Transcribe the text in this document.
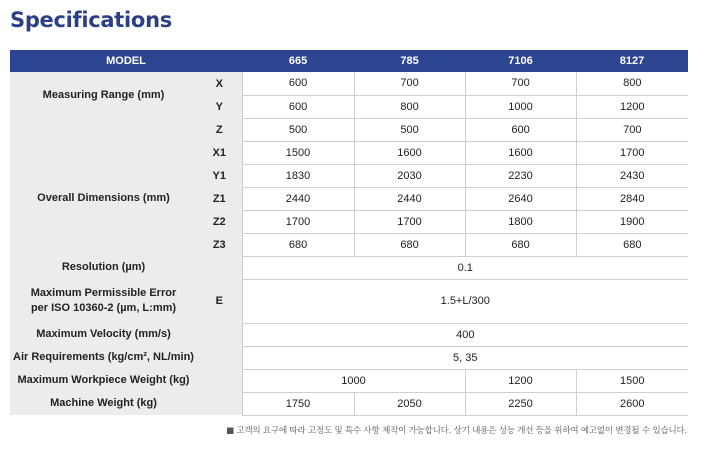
Specifications
MODEL		665	785	7106	8127
Measuring Range (mm)	X	600	700	700	800
	Y	600	800	1000	1200
	Z	500	500	600	700
Overall Dimensions (mm)	X1	1500	1600	1600	1700
	Y1	1830	2030	2230	2430
	Z1	2440	2440	2640	2840
	Z2	1700	1700	1800	1900
	Z3	680	680	680	680
Resolution (µm)		0.1			

Maximum Permissible Error
per ISO 10360-2 (µm, L:mm)	E	1.5+L/300			
Maximum Velocity (mm/s)		400			
Air Requirements (kg/cm², NL/min)		5, 35			
Maximum Workpiece Weight (kg)		1000		1200	1500
Machine Weight (kg)		1750	2050	2250	2600
■ 고객의 요구에 따라 고정도 및 특수 사항 제작이 가능합니다. 상기 내용은 성능 개선 등을 위하여 예고없이 변경될 수 있습니다.
